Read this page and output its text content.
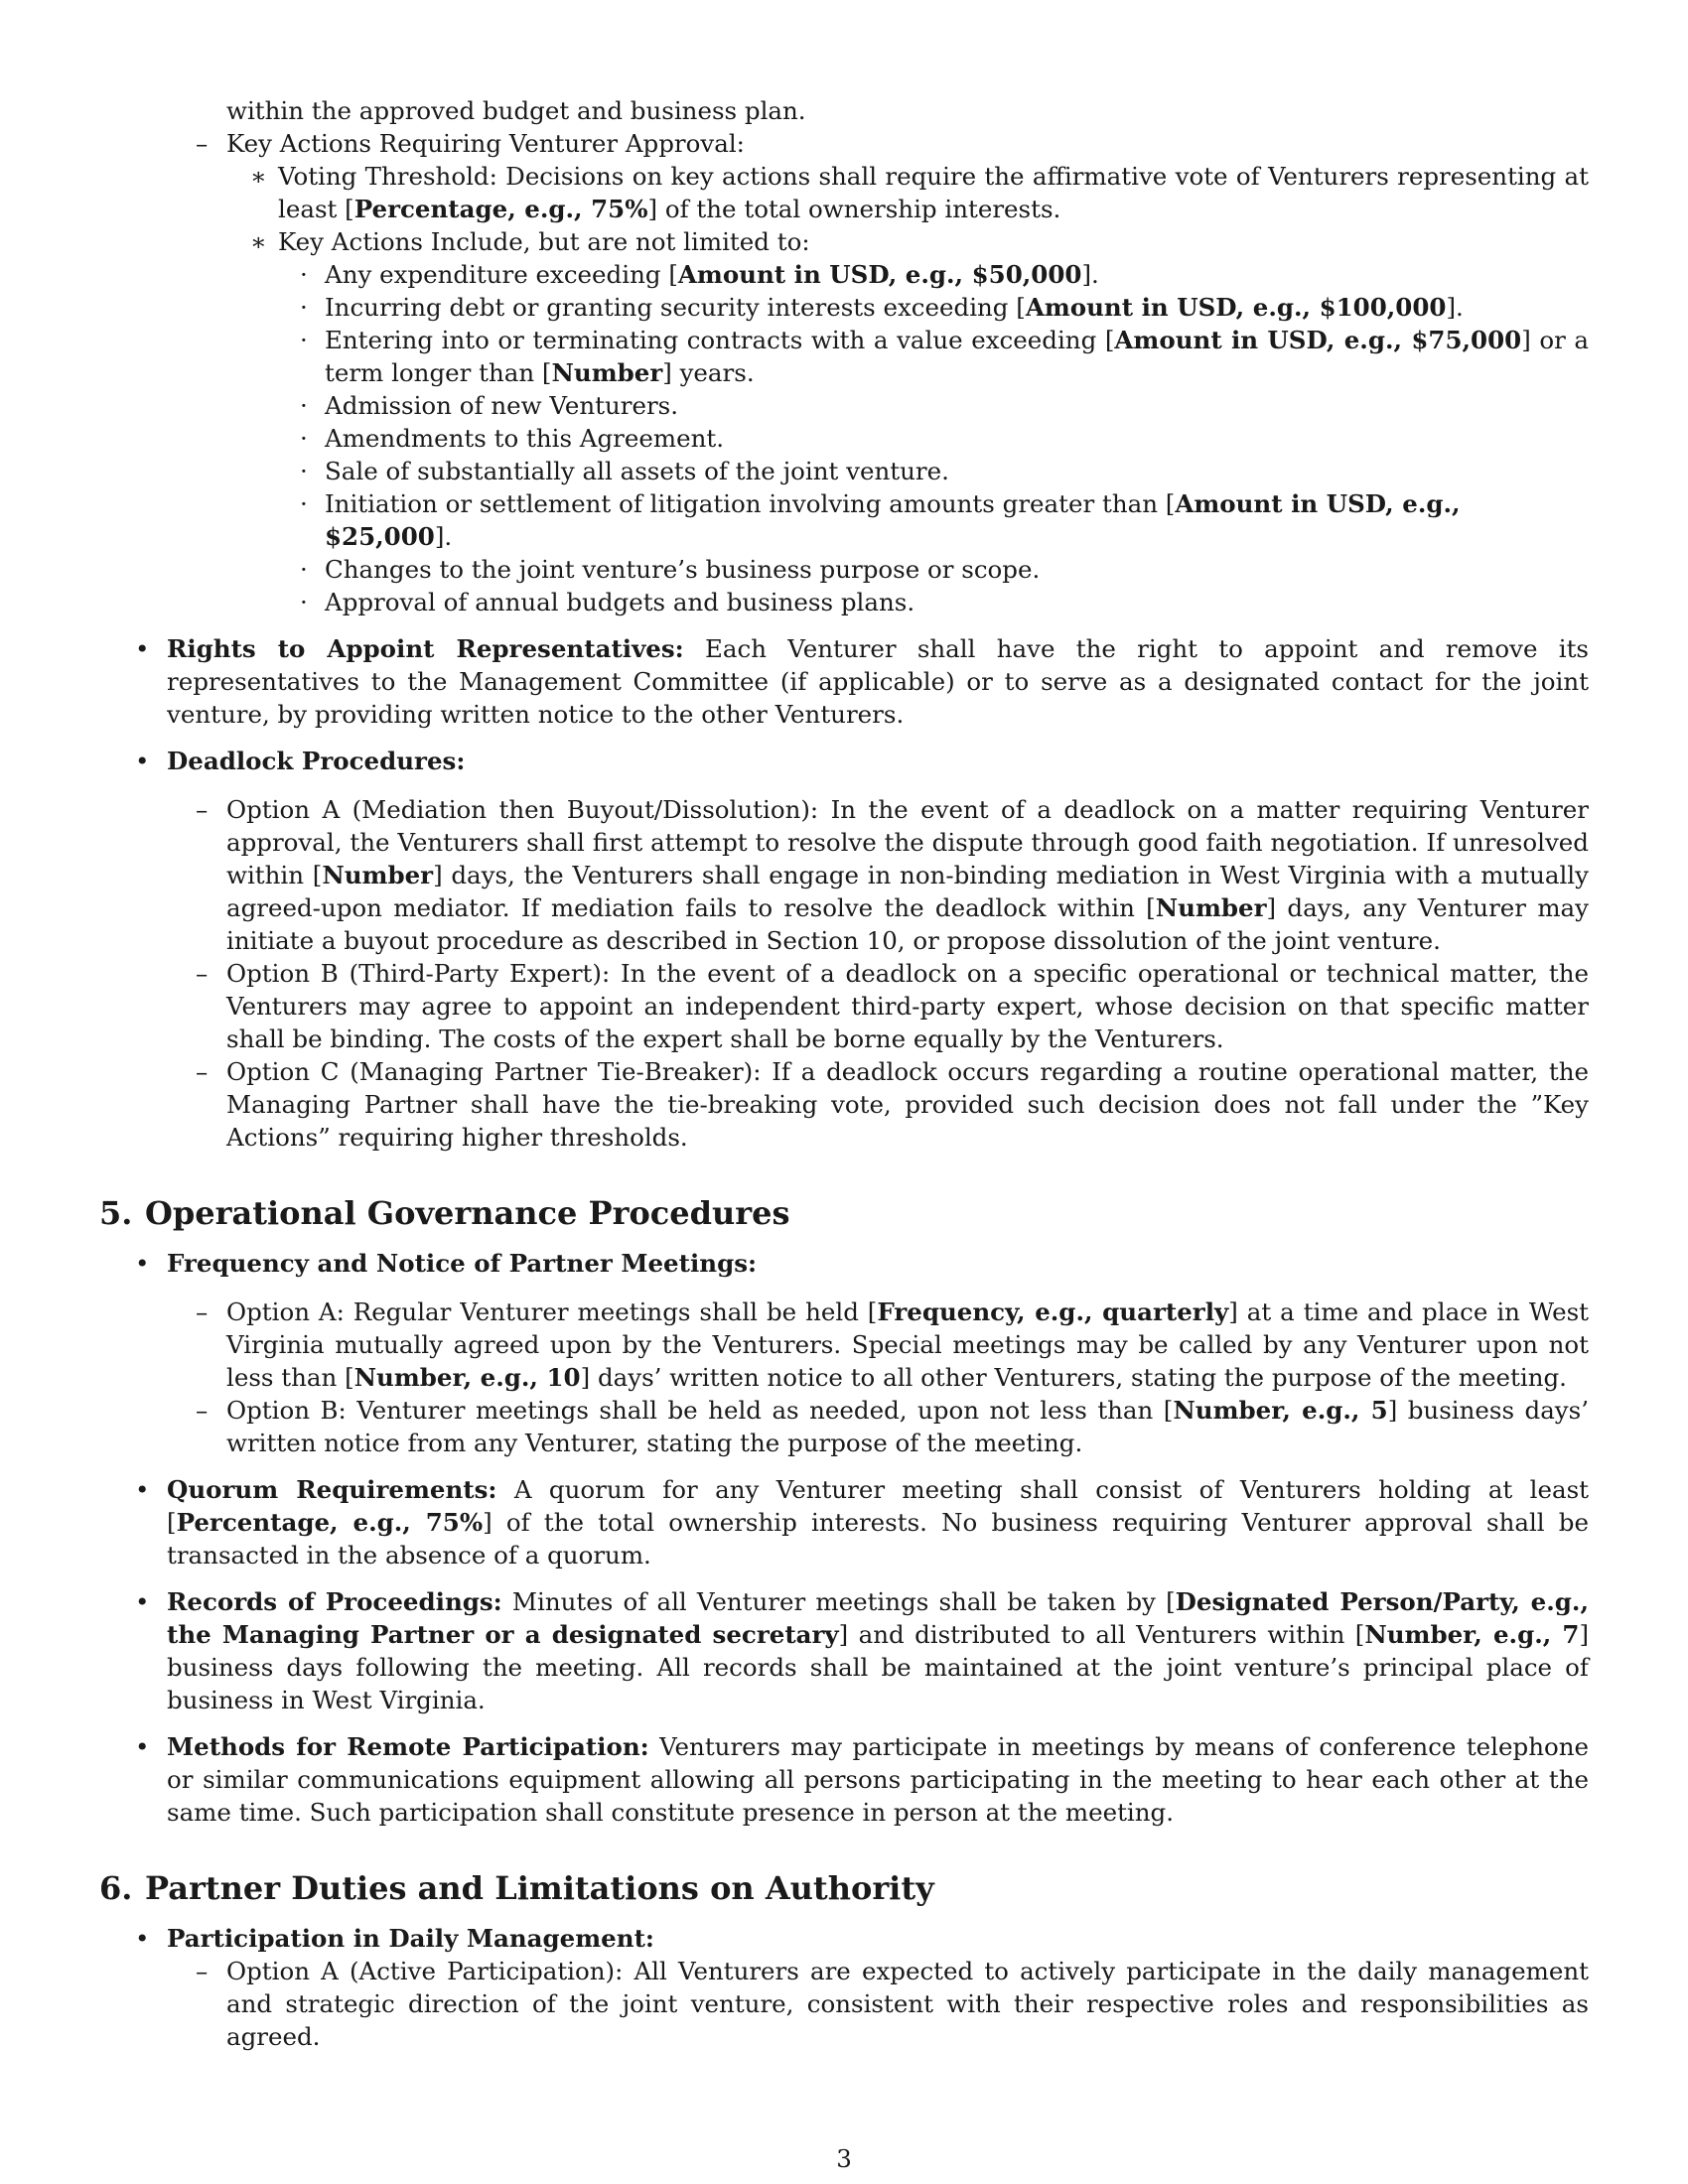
within the approved budget and business plan.

– Key Actions Requiring Venturer Approval:

∗ Voting Threshold: Decisions on key actions shall require the affirmative vote of Venturers representing at least [Percentage, e.g., 75%] of the total ownership interests.

∗ Key Actions Include, but are not limited to:

· Any expenditure exceeding [Amount in USD, e.g., $50,000].

· Incurring debt or granting security interests exceeding [Amount in USD, e.g., $100,000].

· Entering into or terminating contracts with a value exceeding [Amount in USD, e.g., $75,000] or a term longer than [Number] years.

· Admission of new Venturers.

· Amendments to this Agreement.

· Sale of substantially all assets of the joint venture.

· Initiation or settlement of litigation involving amounts greater than [Amount in USD, e.g., $25,000].

· Changes to the joint venture’s business purpose or scope.

· Approval of annual budgets and business plans.

• Rights to Appoint Representatives: Each Venturer shall have the right to appoint and remove its representatives to the Management Committee (if applicable) or to serve as a designated contact for the joint venture, by providing written notice to the other Venturers.

• Deadlock Procedures:

– Option A (Mediation then Buyout/Dissolution): In the event of a deadlock on a matter requiring Venturer approval, the Venturers shall first attempt to resolve the dispute through good faith negotiation. If unresolved within [Number] days, the Venturers shall engage in non-binding mediation in West Virginia with a mutually agreed-upon mediator. If mediation fails to resolve the deadlock within [Number] days, any Venturer may initiate a buyout procedure as described in Section 10, or propose dissolution of the joint venture.

– Option B (Third-Party Expert): In the event of a deadlock on a specific operational or technical matter, the Venturers may agree to appoint an independent third-party expert, whose decision on that specific matter shall be binding. The costs of the expert shall be borne equally by the Venturers.

– Option C (Managing Partner Tie-Breaker): If a deadlock occurs regarding a routine operational matter, the Managing Partner shall have the tie-breaking vote, provided such decision does not fall under the ”Key Actions” requiring higher thresholds.

5. Operational Governance Procedures

• Frequency and Notice of Partner Meetings:

– Option A: Regular Venturer meetings shall be held [Frequency, e.g., quarterly] at a time and place in West Virginia mutually agreed upon by the Venturers. Special meetings may be called by any Venturer upon not less than [Number, e.g., 10] days’ written notice to all other Venturers, stating the purpose of the meeting.

– Option B: Venturer meetings shall be held as needed, upon not less than [Number, e.g., 5] business days’ written notice from any Venturer, stating the purpose of the meeting.

• Quorum Requirements: A quorum for any Venturer meeting shall consist of Venturers holding at least [Percentage, e.g., 75%] of the total ownership interests. No business requiring Venturer approval shall be transacted in the absence of a quorum.

• Records of Proceedings: Minutes of all Venturer meetings shall be taken by [Designated Person/Party, e.g., the Managing Partner or a designated secretary] and distributed to all Venturers within [Number, e.g., 7] business days following the meeting. All records shall be maintained at the joint venture’s principal place of business in West Virginia.

• Methods for Remote Participation: Venturers may participate in meetings by means of conference telephone or similar communications equipment allowing all persons participating in the meeting to hear each other at the same time. Such participation shall constitute presence in person at the meeting.

6. Partner Duties and Limitations on Authority

• Participation in Daily Management:

– Option A (Active Participation): All Venturers are expected to actively participate in the daily management and strategic direction of the joint venture, consistent with their respective roles and responsibilities as agreed.

3
